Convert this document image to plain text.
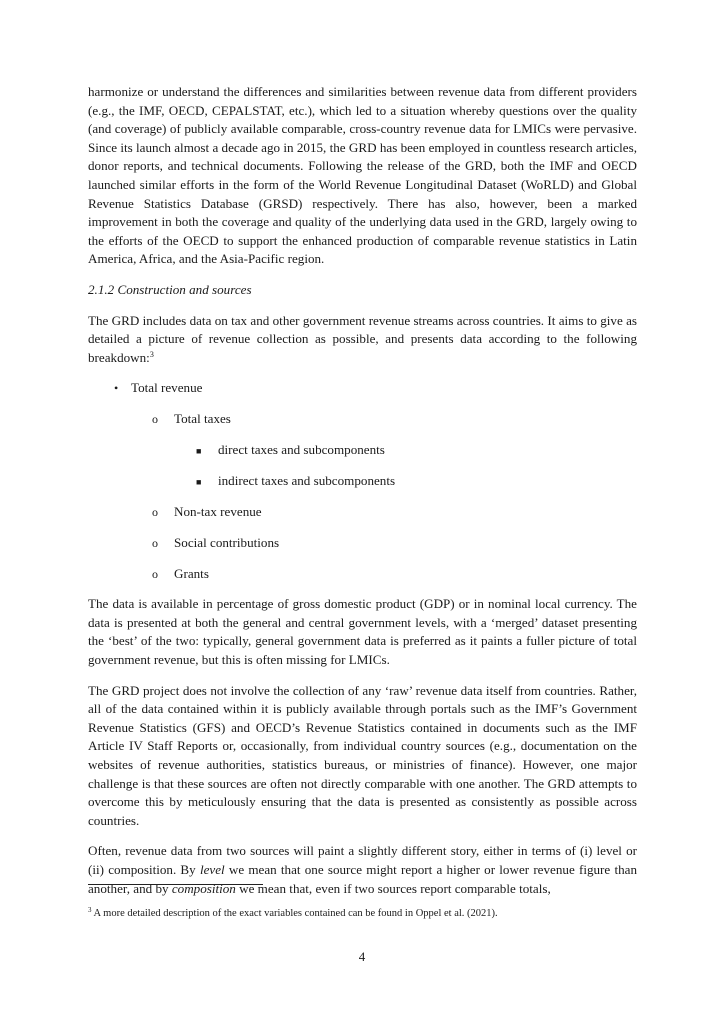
harmonize or understand the differences and similarities between revenue data from different providers (e.g., the IMF, OECD, CEPALSTAT, etc.), which led to a situation whereby questions over the quality (and coverage) of publicly available comparable, cross-country revenue data for LMICs were pervasive. Since its launch almost a decade ago in 2015, the GRD has been employed in countless research articles, donor reports, and technical documents. Following the release of the GRD, both the IMF and OECD launched similar efforts in the form of the World Revenue Longitudinal Dataset (WoRLD) and Global Revenue Statistics Database (GRSD) respectively. There has also, however, been a marked improvement in both the coverage and quality of the underlying data used in the GRD, largely owing to the efforts of the OECD to support the enhanced production of comparable revenue statistics in Latin America, Africa, and the Asia-Pacific region.

2.1.2 Construction and sources

The GRD includes data on tax and other government revenue streams across countries. It aims to give as detailed a picture of revenue collection as possible, and presents data according to the following breakdown:$^3$

• Total revenue
o Total taxes
■ direct taxes and subcomponents
■ indirect taxes and subcomponents
o Non-tax revenue
o Social contributions
o Grants

The data is available in percentage of gross domestic product (GDP) or in nominal local currency. The data is presented at both the general and central government levels, with a ‘merged’ dataset presenting the ‘best’ of the two: typically, general government data is preferred as it paints a fuller picture of total government revenue, but this is often missing for LMICs.

The GRD project does not involve the collection of any ‘raw’ revenue data itself from countries. Rather, all of the data contained within it is publicly available through portals such as the IMF’s Government Revenue Statistics (GFS) and OECD’s Revenue Statistics contained in documents such as the IMF Article IV Staff Reports or, occasionally, from individual country sources (e.g., documentation on the websites of revenue authorities, statistics bureaus, or ministries of finance). However, one major challenge is that these sources are often not directly comparable with one another. The GRD attempts to overcome this by meticulously ensuring that the data is presented as consistently as possible across countries.

Often, revenue data from two sources will paint a slightly different story, either in terms of (i) level or (ii) composition. By level we mean that one source might report a higher or lower revenue figure than another, and by composition we mean that, even if two sources report comparable totals,

$^3$ A more detailed description of the exact variables contained can be found in Oppel et al. (2021).
4
